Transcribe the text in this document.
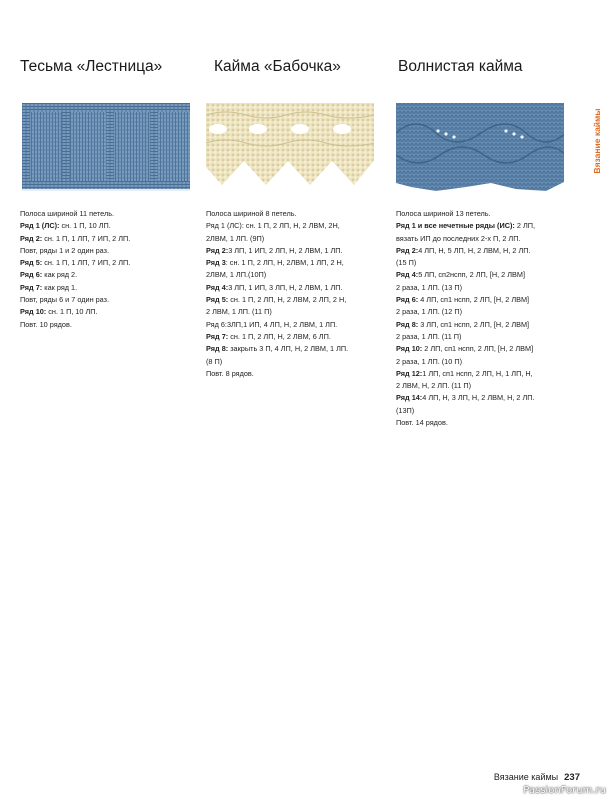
Тесьма «Лестница»

Полоса шириной 11 петель.

Ряд 1 (ЛС): сн. 1 П, 10 ЛП.

Ряд 2: сн. 1 П, 1 ЛП, 7 ИП, 2 ЛП.

Повт, ряды 1 и 2 один раз.

Ряд 5: сн. 1 П, 1 ЛП, 7 ИП, 2 ЛП.

Ряд 6: как ряд 2.

Ряд 7: как ряд 1.

Повт, ряды 6 и 7 один раз.

Ряд 10: сн. 1 П, 10 ЛП.

Повт. 10 рядов.

Кайма «Бабочка»

Полоса шириной 8 петель.

Ряд 1 (ЛС): сн. 1 П, 2 ЛП, Н, 2 ЛВМ, 2Н,

2ЛВМ, 1 ЛП. (9П)

Ряд 2:3 ЛП, 1 ИП, 2 ЛП, Н, 2 ЛВМ, 1 ЛП.

Ряд 3: сн. 1 П, 2 ЛП, Н, 2ЛВМ, 1 ЛП, 2 Н,

2ЛВМ, 1 ЛП.(10П)

Ряд 4:3 ЛП, 1 ИП, 3 ЛП, Н, 2 ЛВМ, 1 ЛП.

Ряд 5: сн. 1 П, 2 ЛП, Н, 2 ЛВМ, 2 ЛП, 2 Н,

2 ЛВМ, 1 ЛП. (11 П)

Ряд 6:3ЛП,1 ИП, 4 ЛП, Н, 2 ЛВМ, 1 ЛП.

Ряд 7: сн. 1 П, 2 ЛП, Н, 2 ЛВМ, 6 ЛП.

Ряд 8: закрыть 3 П, 4 ЛП, Н, 2 ЛВМ, 1 ЛП.

(8 П)

Повт. 8 рядов.

Волнистая кайма

Полоса шириной 13 петель.

Ряд 1 и все нечетные ряды (ИС): 2 ЛП,

вязать ИП до последних 2-х П, 2 ЛП.

Ряд 2:4 ЛП, Н, 5 ЛП, Н, 2 ЛВМ, Н, 2 ЛП.

(15 П)

Ряд 4:5 ЛП, сп2нспп, 2 ЛП, [Н, 2 ЛВМ]

2 раза, 1 ЛП. (13 П)

Ряд 6: 4 ЛП, сп1 нспп, 2 ЛП, [Н, 2 ЛВМ]

2 раза, 1 ЛП. (12 П)

Ряд 8: 3 ЛП, сп1 нспп, 2 ЛП, [Н, 2 ЛВМ]

2 раза, 1 ЛП. (11 П)

Ряд 10: 2 ЛП, сп1 нспп, 2 ЛП, [Н, 2 ЛВМ]

2 раза, 1 ЛП. (10 П)

Ряд 12:1 ЛП, сп1 нспп, 2 ЛП, Н, 1 ЛП, Н,

2 ЛВМ, Н, 2 ЛП. (11 П)

Ряд 14:4 ЛП, Н, 3 ЛП, Н, 2 ЛВМ, Н, 2 ЛП.

(13П)

Повт. 14 рядов.

Вязание каймы
Вязание каймы 237
PassionForum.ru
